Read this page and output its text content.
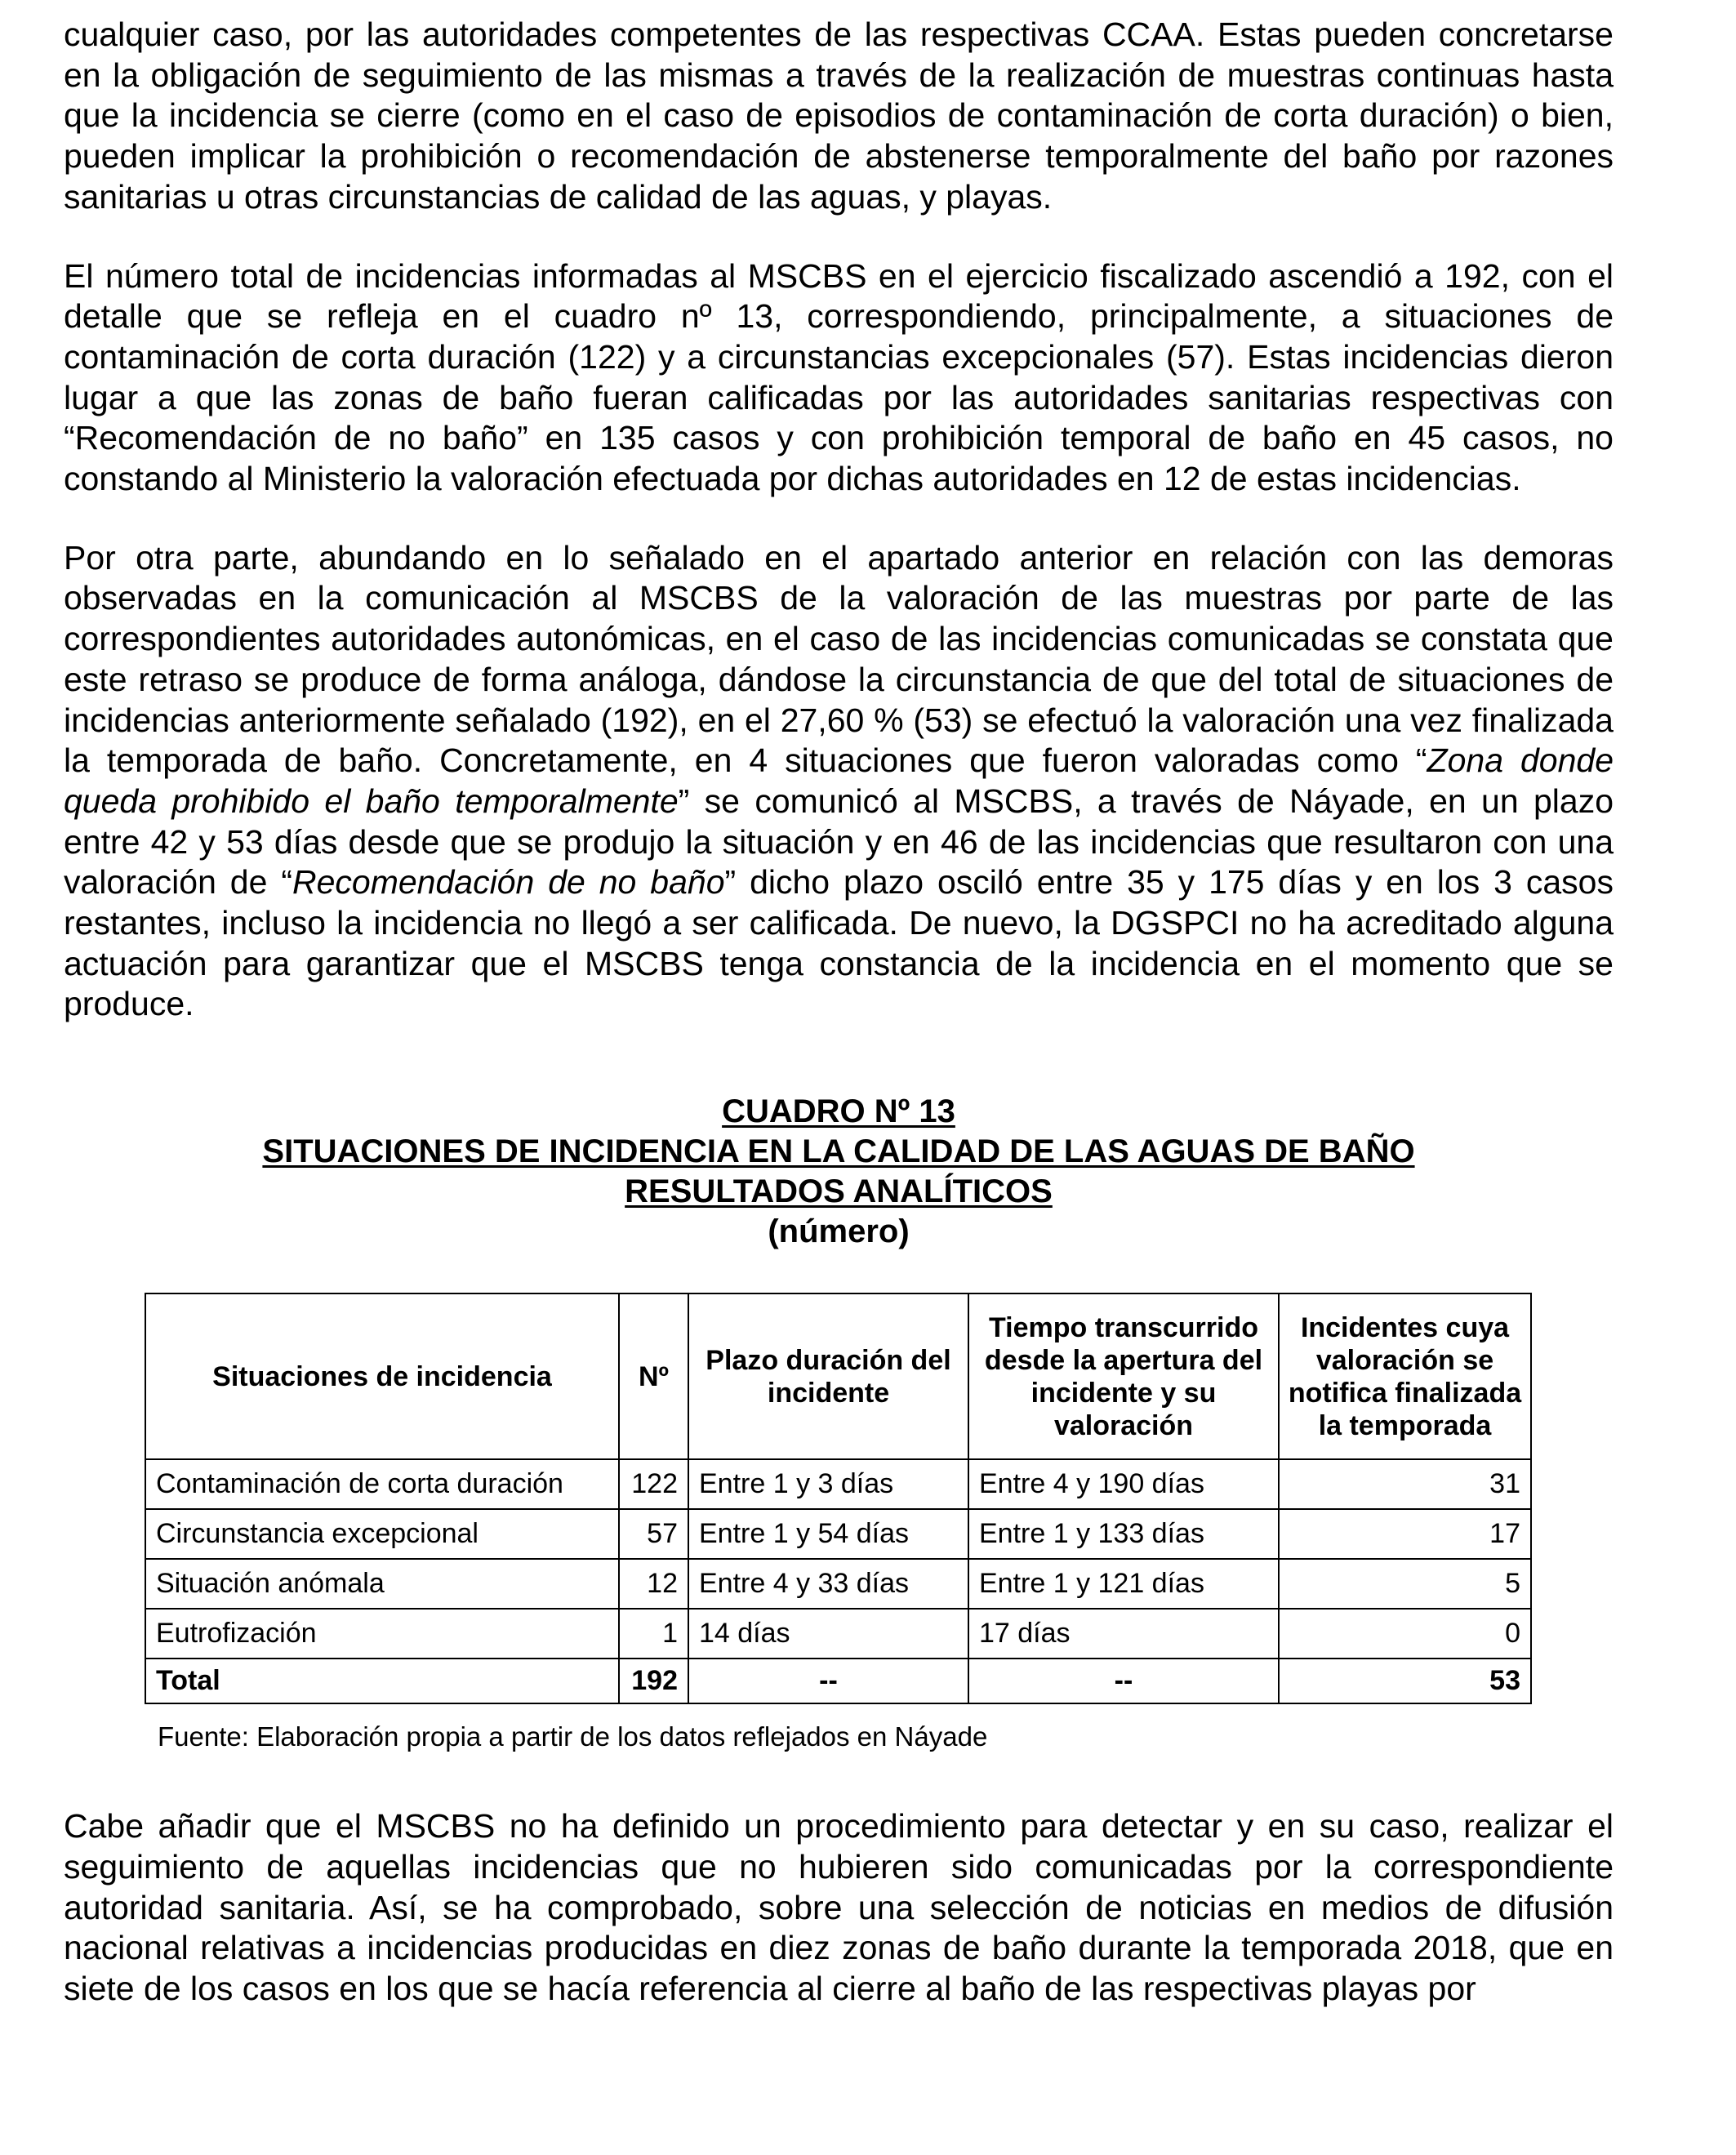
cualquier caso, por las autoridades competentes de las respectivas CCAA. Estas pueden concretarse en la obligación de seguimiento de las mismas a través de la realización de muestras continuas hasta que la incidencia se cierre (como en el caso de episodios de contaminación de corta duración) o bien, pueden implicar la prohibición o recomendación de abstenerse temporalmente del baño por razones sanitarias u otras circunstancias de calidad de las aguas, y playas.

El número total de incidencias informadas al MSCBS en el ejercicio fiscalizado ascendió a 192, con el detalle que se refleja en el cuadro nº 13, correspondiendo, principalmente, a situaciones de contaminación de corta duración (122) y a circunstancias excepcionales (57). Estas incidencias dieron lugar a que las zonas de baño fueran calificadas por las autoridades sanitarias respectivas con “Recomendación de no baño” en 135 casos y con prohibición temporal de baño en 45 casos, no constando al Ministerio la valoración efectuada por dichas autoridades en 12 de estas incidencias.

Por otra parte, abundando en lo señalado en el apartado anterior en relación con las demoras observadas en la comunicación al MSCBS de la valoración de las muestras por parte de las correspondientes autoridades autonómicas, en el caso de las incidencias comunicadas se constata que este retraso se produce de forma análoga, dándose la circunstancia de que del total de situaciones de incidencias anteriormente señalado (192), en el 27,60 % (53) se efectuó la valoración una vez finalizada la temporada de baño. Concretamente, en 4 situaciones que fueron valoradas como “Zona donde queda prohibido el baño temporalmente” se comunicó al MSCBS, a través de Náyade, en un plazo entre 42 y 53 días desde que se produjo la situación y en 46 de las incidencias que resultaron con una valoración de “Recomendación de no baño” dicho plazo osciló entre 35 y 175 días y en los 3 casos restantes, incluso la incidencia no llegó a ser calificada. De nuevo, la DGSPCI no ha acreditado alguna actuación para garantizar que el MSCBS tenga constancia de la incidencia en el momento que se produce.

CUADRO Nº 13
SITUACIONES DE INCIDENCIA EN LA CALIDAD DE LAS AGUAS DE BAÑO
RESULTADOS ANALÍTICOS
(número)
Situaciones de incidencia	Nº	Plazo duración del incidente	Tiempo transcurrido desde la apertura del incidente y su valoración	Incidentes cuya valoración se notifica finalizada la temporada
Contaminación de corta duración	122	Entre 1 y 3 días	Entre 4 y 190 días	31
Circunstancia excepcional	57	Entre 1 y 54 días	Entre 1 y 133 días	17
Situación anómala	12	Entre 4 y 33 días	Entre 1 y 121 días	5
Eutrofización	1	14 días	17 días	0
Total	192	--	--	53
Fuente: Elaboración propia a partir de los datos reflejados en Náyade

Cabe añadir que el MSCBS no ha definido un procedimiento para detectar y en su caso, realizar el seguimiento de aquellas incidencias que no hubieren sido comunicadas por la correspondiente autoridad sanitaria. Así, se ha comprobado, sobre una selección de noticias en medios de difusión nacional relativas a incidencias producidas en diez zonas de baño durante la temporada 2018, que en siete de los casos en los que se hacía referencia al cierre al baño de las respectivas playas por
